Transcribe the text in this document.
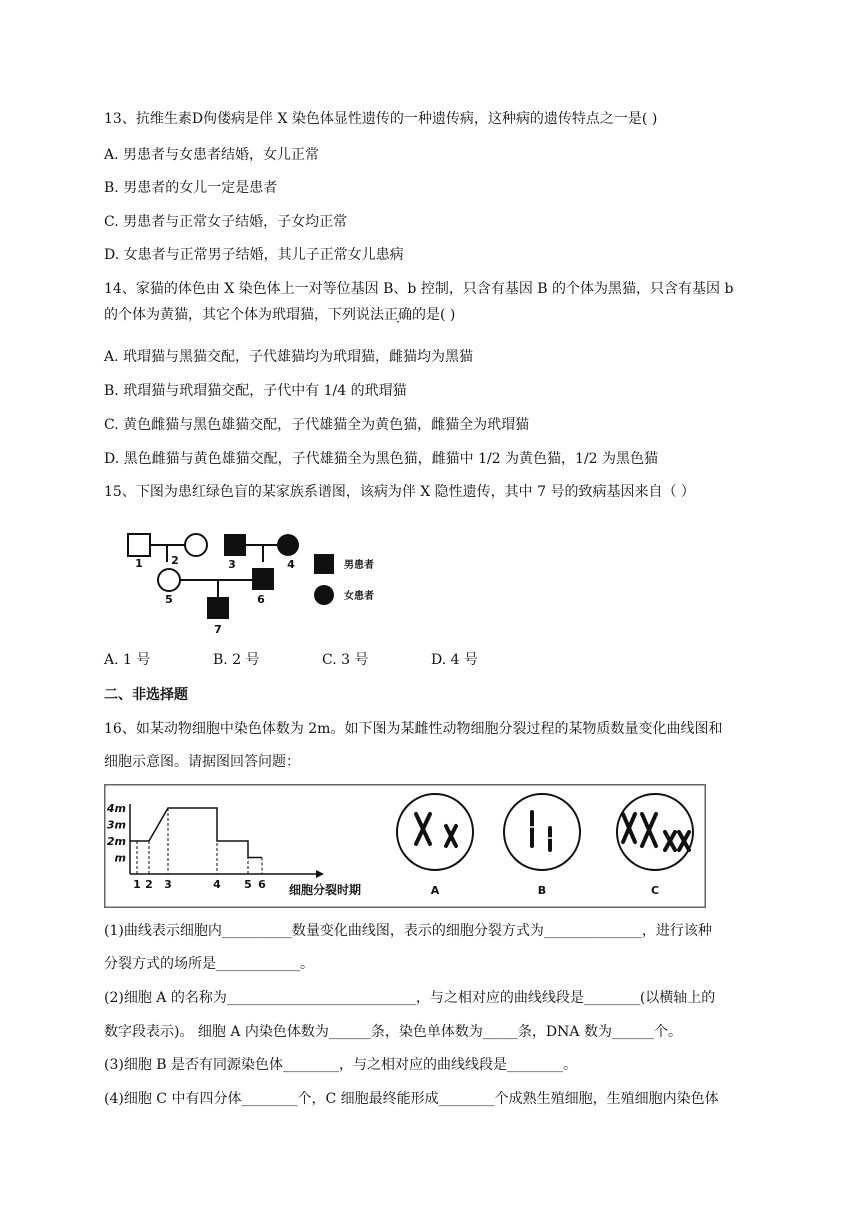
13、抗维生素D佝偻病是伴 X 染色体显性遗传的一种遗传病，这种病的遗传特点之一是( )
A. 男患者与女患者结婚，女儿正常
B. 男患者的女儿一定是患者
C. 男患者与正常女子结婚，子女均正常
D. 女患者与正常男子结婚，其儿子正常女儿患病
14、家猫的体色由 X 染色体上一对等位基因 B、b 控制，只含有基因 B 的个体为黑猫，只含有基因 b
的个体为黄猫，其它个体为玳瑁猫，下列说法正确的是( )
A. 玳瑁猫与黑猫交配，子代雄猫均为玳瑁猫，雌猫均为黑猫
B. 玳瑁猫与玳瑁猫交配，子代中有 1/4 的玳瑁猫
C. 黄色雌猫与黑色雄猫交配，子代雄猫全为黄色猫，雌猫全为玳瑁猫
D. 黑色雌猫与黄色雄猫交配，子代雄猫全为黑色猫，雌猫中 1/2 为黄色猫，1/2 为黑色猫
15、下图为患红绿色盲的某家族系谱图，该病为伴 X 隐性遗传，其中 7 号的致病基因来自（ ）
1	2	3	4
5	6
7
男患者
女患者
A. 1 号	B. 2 号	C. 3 号	D. 4 号
二、非选择题
16、如某动物细胞中染色体数为 2m。如下图为某雌性动物细胞分裂过程的某物质数量变化曲线图和
细胞示意图。请据图回答问题：
4m
3m
2m
m
1 2 3	4 5 6 细胞分裂时期	A	B	C
(1)曲线表示细胞内__________数量变化曲线图，表示的细胞分裂方式为______________，进行该种
分裂方式的场所是____________。
(2)细胞 A 的名称为___________________________，与之相对应的曲线线段是________(以横轴上的
数字段表示)。 细胞 A 内染色体数为______条，染色单体数为_____条，DNA 数为______个。
(3)细胞 B 是否有同源染色体________，与之相对应的曲线线段是________。
(4)细胞 C 中有四分体________个，C 细胞最终能形成________个成熟生殖细胞，生殖细胞内染色体
